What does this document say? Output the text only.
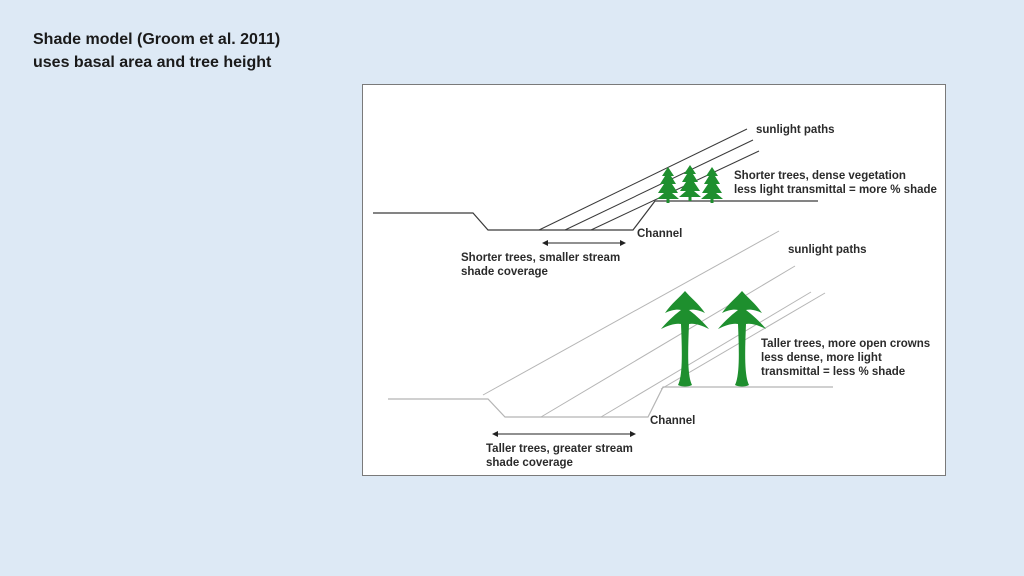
Shade model (Groom et al. 2011)
uses basal area and tree height
sunlight paths
Shorter trees, dense vegetation
less light transmittal = more % shade
Channel
Shorter trees, smaller stream
shade coverage
sunlight paths
Taller trees, more open crowns
less dense, more light
transmittal = less % shade
Channel
Taller trees, greater stream
shade coverage
